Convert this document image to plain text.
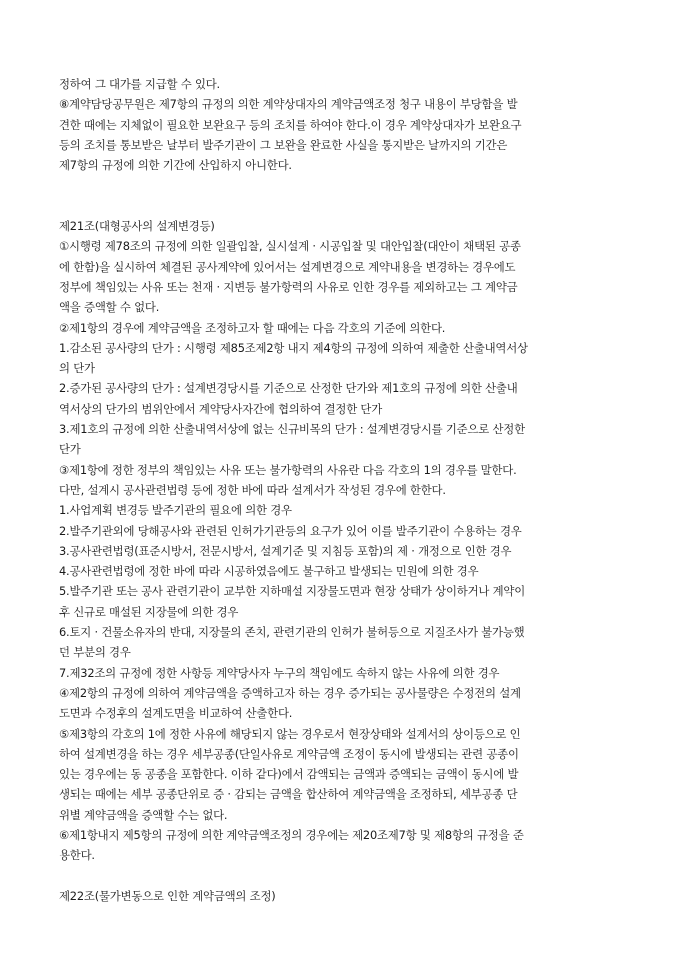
정하여 그 대가를 지급할 수 있다.
⑧계약담당공무원은 제7항의 규정의 의한 계약상대자의 계약금액조정 청구 내용이 부당함을 발
견한 때에는 지체없이 필요한 보완요구 등의 조치를 하여야 한다.이 경우 계약상대자가 보완요구
등의 조치를 통보받은 날부터 발주기관이 그 보완을 완료한 사실을 통지받은 날까지의 기간은
제7항의 규정에 의한 기간에 산입하지 아니한다.
제21조(대형공사의 설계변경등)
①시행령 제78조의 규정에 의한 일괄입찰, 실시설계 · 시공입찰 및 대안입찰(대안이 채택된 공종
에 한함)을 실시하여 체결된 공사계약에 있어서는 설계변경으로 계약내용을 변경하는 경우에도
정부에 책임있는 사유 또는 천재 · 지변등 불가항력의 사유로 인한 경우를 제외하고는 그 계약금
액을 증액할 수 없다.
②제1항의 경우에 계약금액을 조정하고자 할 때에는 다음 각호의 기준에 의한다.
1.감소된 공사량의 단가 : 시행령 제85조제2항 내지 제4항의 규정에 의하여 제출한 산출내역서상
의 단가
2.증가된 공사량의 단가 : 설계변경당시를 기준으로 산정한 단가와 제1호의 규정에 의한 산출내
역서상의 단가의 범위안에서 계약당사자간에 협의하여 결정한 단가
3.제1호의 규정에 의한 산출내역서상에 없는 신규비목의 단가 : 설계변경당시를 기준으로 산정한
단가
③제1항에 정한 정부의 책임있는 사유 또는 불가항력의 사유란 다음 각호의 1의 경우를 말한다.
다만, 설계시 공사관련법령 등에 정한 바에 따라 설계서가 작성된 경우에 한한다.
1.사업계획 변경등 발주기관의 필요에 의한 경우
2.발주기관외에 당해공사와 관련된 인허가기관등의 요구가 있어 이를 발주기관이 수용하는 경우
3.공사관련법령(표준시방서, 전문시방서, 설계기준 및 지침등 포함)의 제 · 개정으로 인한 경우
4.공사관련법령에 정한 바에 따라 시공하였음에도 불구하고 발생되는 민원에 의한 경우
5.발주기관 또는 공사 관련기관이 교부한 지하매설 지장물도면과 현장 상태가 상이하거나 계약이
후 신규로 매설된 지장물에 의한 경우
6.토지 · 건물소유자의 반대, 지장물의 존치, 관련기관의 인허가 불허등으로 지질조사가 불가능했
던 부분의 경우
7.제32조의 규정에 정한 사항등 계약당사자 누구의 책임에도 속하지 않는 사유에 의한 경우
④제2항의 규정에 의하여 계약금액을 증액하고자 하는 경우 증가되는 공사물량은 수정전의 설계
도면과 수정후의 설계도면을 비교하여 산출한다.
⑤제3항의 각호의 1에 정한 사유에 해당되지 않는 경우로서 현장상태와 설계서의 상이등으로 인
하여 설계변경을 하는 경우 세부공종(단일사유로 계약금액 조정이 동시에 발생되는 관련 공종이
있는 경우에는 동 공종을 포함한다. 이하 같다)에서 감액되는 금액과 증액되는 금액이 동시에 발
생되는 때에는 세부 공종단위로 증 · 감되는 금액을 합산하여 계약금액을 조정하되, 세부공종 단
위별 계약금액을 증액할 수는 없다.
⑥제1항내지 제5항의 규정에 의한 계약금액조정의 경우에는 제20조제7항 및 제8항의 규정을 준
용한다.
제22조(물가변동으로 인한 계약금액의 조정)
